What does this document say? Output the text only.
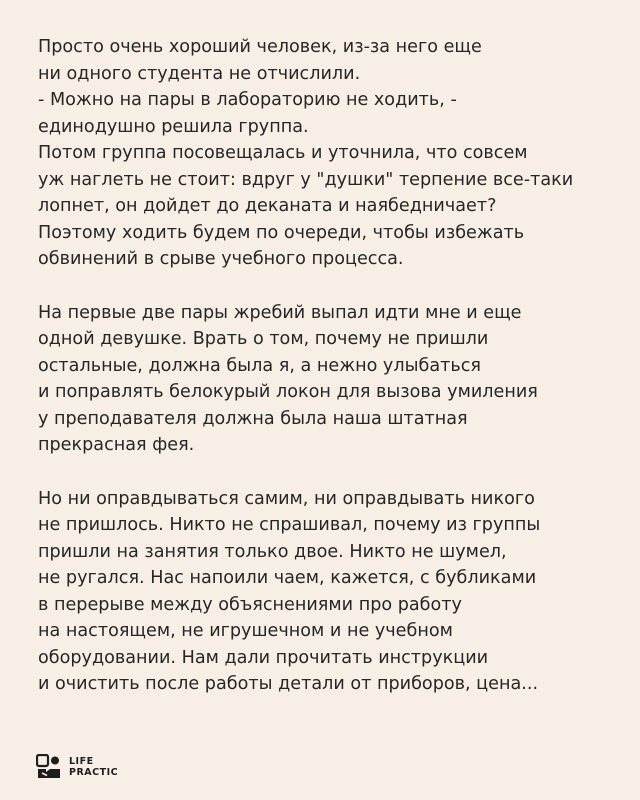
Просто очень хороший человек, из-за него еще
ни одного студента не отчислили.
- Можно на пары в лабораторию не ходить, -
единодушно решила группа.
Потом группа посовещалась и уточнила, что совсем
уж наглеть не стоит: вдруг у "душки" терпение все-таки
лопнет, он дойдет до деканата и наябедничает?
Поэтому ходить будем по очереди, чтобы избежать
обвинений в срыве учебного процесса.

На первые две пары жребий выпал идти мне и еще
одной девушке. Врать о том, почему не пришли
остальные, должна была я, а нежно улыбаться
и поправлять белокурый локон для вызова умиления
у преподавателя должна была наша штатная
прекрасная фея.

Но ни оправдываться самим, ни оправдывать никого
не пришлось. Никто не спрашивал, почему из группы
пришли на занятия только двое. Никто не шумел,
не ругался. Нас напоили чаем, кажется, с бубликами
в перерыве между объяснениями про работу
на настоящем, не игрушечном и не учебном
оборудовании. Нам дали прочитать инструкции
и очистить после работы детали от приборов, цена...

LIFE
PRACTIC
